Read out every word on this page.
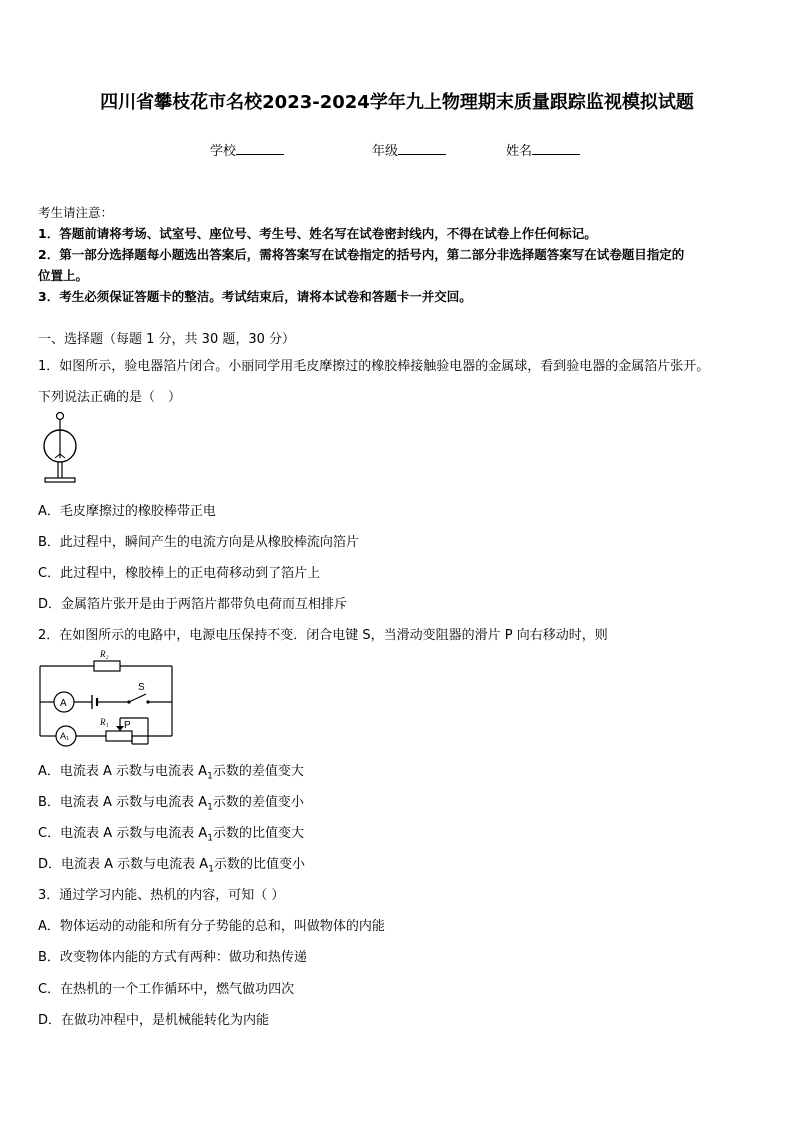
四川省攀枝花市名校2023-2024学年九上物理期末质量跟踪监视模拟试题
学校	年级	姓名
考生请注意：
1．答题前请将考场、试室号、座位号、考生号、姓名写在试卷密封线内，不得在试卷上作任何标记。
2．第一部分选择题每小题选出答案后，需将答案写在试卷指定的括号内，第二部分非选择题答案写在试卷题目指定的
位置上。
3．考生必须保证答题卡的整洁。考试结束后，请将本试卷和答题卡一并交回。
一、选择题（每题 1 分，共 30 题，30 分）
1．如图所示，验电器箔片闭合。小丽同学用毛皮摩擦过的橡胶棒接触验电器的金属球，看到验电器的金属箔片张开。
下列说法正确的是（　）
A．毛皮摩擦过的橡胶棒带正电
B．此过程中，瞬间产生的电流方向是从橡胶棒流向箔片
C．此过程中，橡胶棒上的正电荷移动到了箔片上
D．金属箔片张开是由于两箔片都带负电荷而互相排斥
2．在如图所示的电路中，电源电压保持不变．闭合电键 S，当滑动变阻器的滑片 P 向右移动时，则
R₂
A
S
A₁
R₁ P
A．电流表 A 示数与电流表 $A_1$示数的差值变大
B．电流表 A 示数与电流表 $A_1$示数的差值变小
C．电流表 A 示数与电流表 $A_1$示数的比值变大
D．电流表 A 示数与电流表 $A_1$示数的比值变小
3．通过学习内能、热机的内容，可知（ ）
A．物体运动的动能和所有分子势能的总和，叫做物体的内能
B．改变物体内能的方式有两种：做功和热传递
C．在热机的一个工作循环中，燃气做功四次
D．在做功冲程中，是机械能转化为内能
